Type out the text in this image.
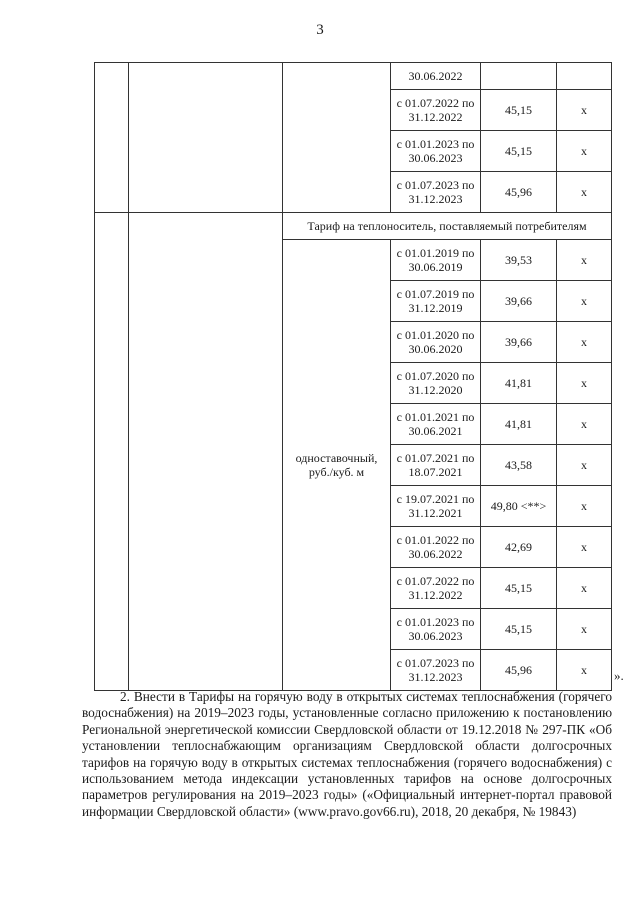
3
			30.06.2022		
			с 01.07.2022 по 31.12.2022	45,15	х
			с 01.01.2023 по 30.06.2023	45,15	х
			с 01.07.2023 по 31.12.2023	45,96	х
		Тариф на теплоноситель, поставляемый потребителям			
		одноставочный, руб./куб. м	с 01.01.2019 по 30.06.2019	39,53	х
			с 01.07.2019 по 31.12.2019	39,66	х
			с 01.01.2020 по 30.06.2020	39,66	х
			с 01.07.2020 по 31.12.2020	41,81	х
			с 01.01.2021 по 30.06.2021	41,81	х
			с 01.07.2021 по 18.07.2021	43,58	х
			с 19.07.2021 по 31.12.2021	49,80 <**>	х
			с 01.01.2022 по 30.06.2022	42,69	х
			с 01.07.2022 по 31.12.2022	45,15	х
			с 01.01.2023 по 30.06.2023	45,15	х
			с 01.07.2023 по 31.12.2023	45,96	х ».

2. Внести в Тарифы на горячую воду в открытых системах теплоснабжения (горячего водоснабжения) на 2019–2023 годы, установленные согласно приложению к постановлению Региональной энергетической комиссии Свердловской области от 19.12.2018 № 297-ПК «Об установлении теплоснабжающим организациям Свердловской области долгосрочных тарифов на горячую воду в открытых системах теплоснабжения (горячего водоснабжения) с использованием метода индексации установленных тарифов на основе долгосрочных параметров регулирования на 2019–2023 годы» («Официальный интернет-портал правовой информации Свердловской области» (www.pravo.gov66.ru), 2018, 20 декабря, № 19843)
